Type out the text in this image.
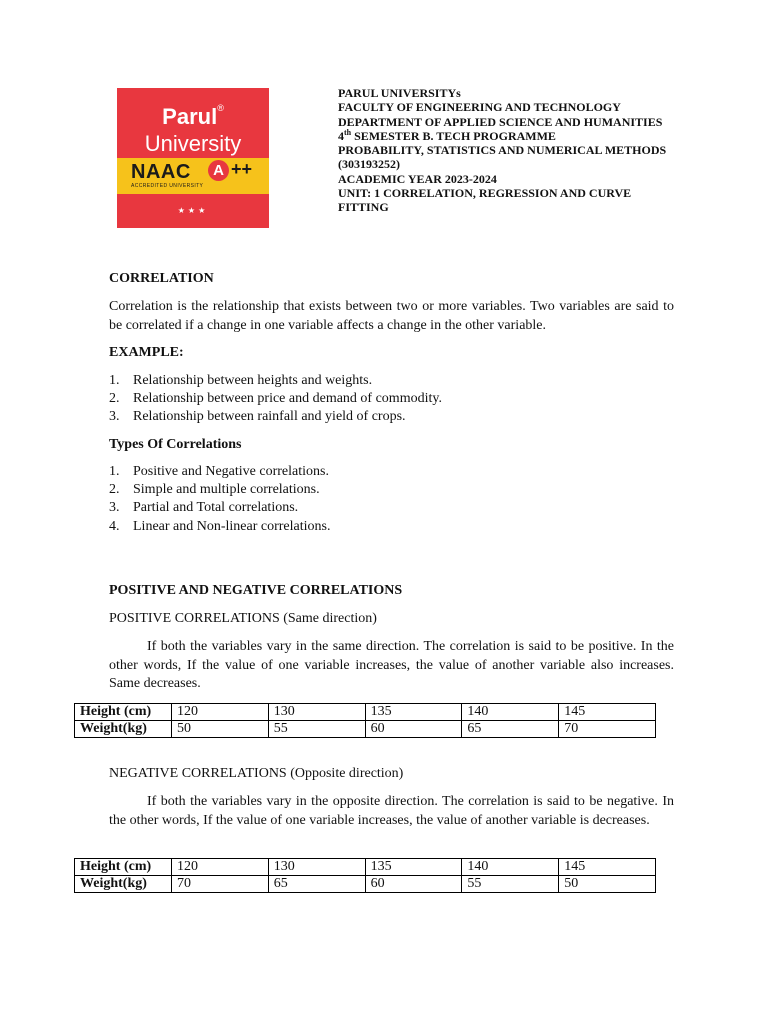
Parul®
University
NAAC	A ++
ACCREDITED UNIVERSITY
★★★
PARUL UNIVERSITYs
FACULTY OF ENGINEERING AND TECHNOLOGY
DEPARTMENT OF APPLIED SCIENCE AND HUMANITIES
4th SEMESTER B. TECH PROGRAMME
PROBABILITY, STATISTICS AND NUMERICAL METHODS (303193252)
ACADEMIC YEAR 2023-2024
UNIT: 1 CORRELATION, REGRESSION AND CURVE FITTING
CORRELATION
Correlation is the relationship that exists between two or more variables. Two variables are said to be correlated if a change in one variable affects a change in the other variable.
EXAMPLE:
1. Relationship between heights and weights.
2. Relationship between price and demand of commodity.
3. Relationship between rainfall and yield of crops.
Types Of Correlations
1. Positive and Negative correlations.
2. Simple and multiple correlations.
3. Partial and Total correlations.
4. Linear and Non-linear correlations.
POSITIVE AND NEGATIVE CORRELATIONS
POSITIVE CORRELATIONS (Same direction)
If both the variables vary in the same direction. The correlation is said to be positive. In the other words, If the value of one variable increases, the value of another variable also increases. Same decreases.
Height (cm)	120	130	135	140	145
Weight(kg)	50	55	60	65	70
NEGATIVE CORRELATIONS (Opposite direction)
If both the variables vary in the opposite direction. The correlation is said to be negative. In the other words, If the value of one variable increases, the value of another variable is decreases.
Height (cm)	120	130	135	140	145
Weight(kg)	70	65	60	55	50
